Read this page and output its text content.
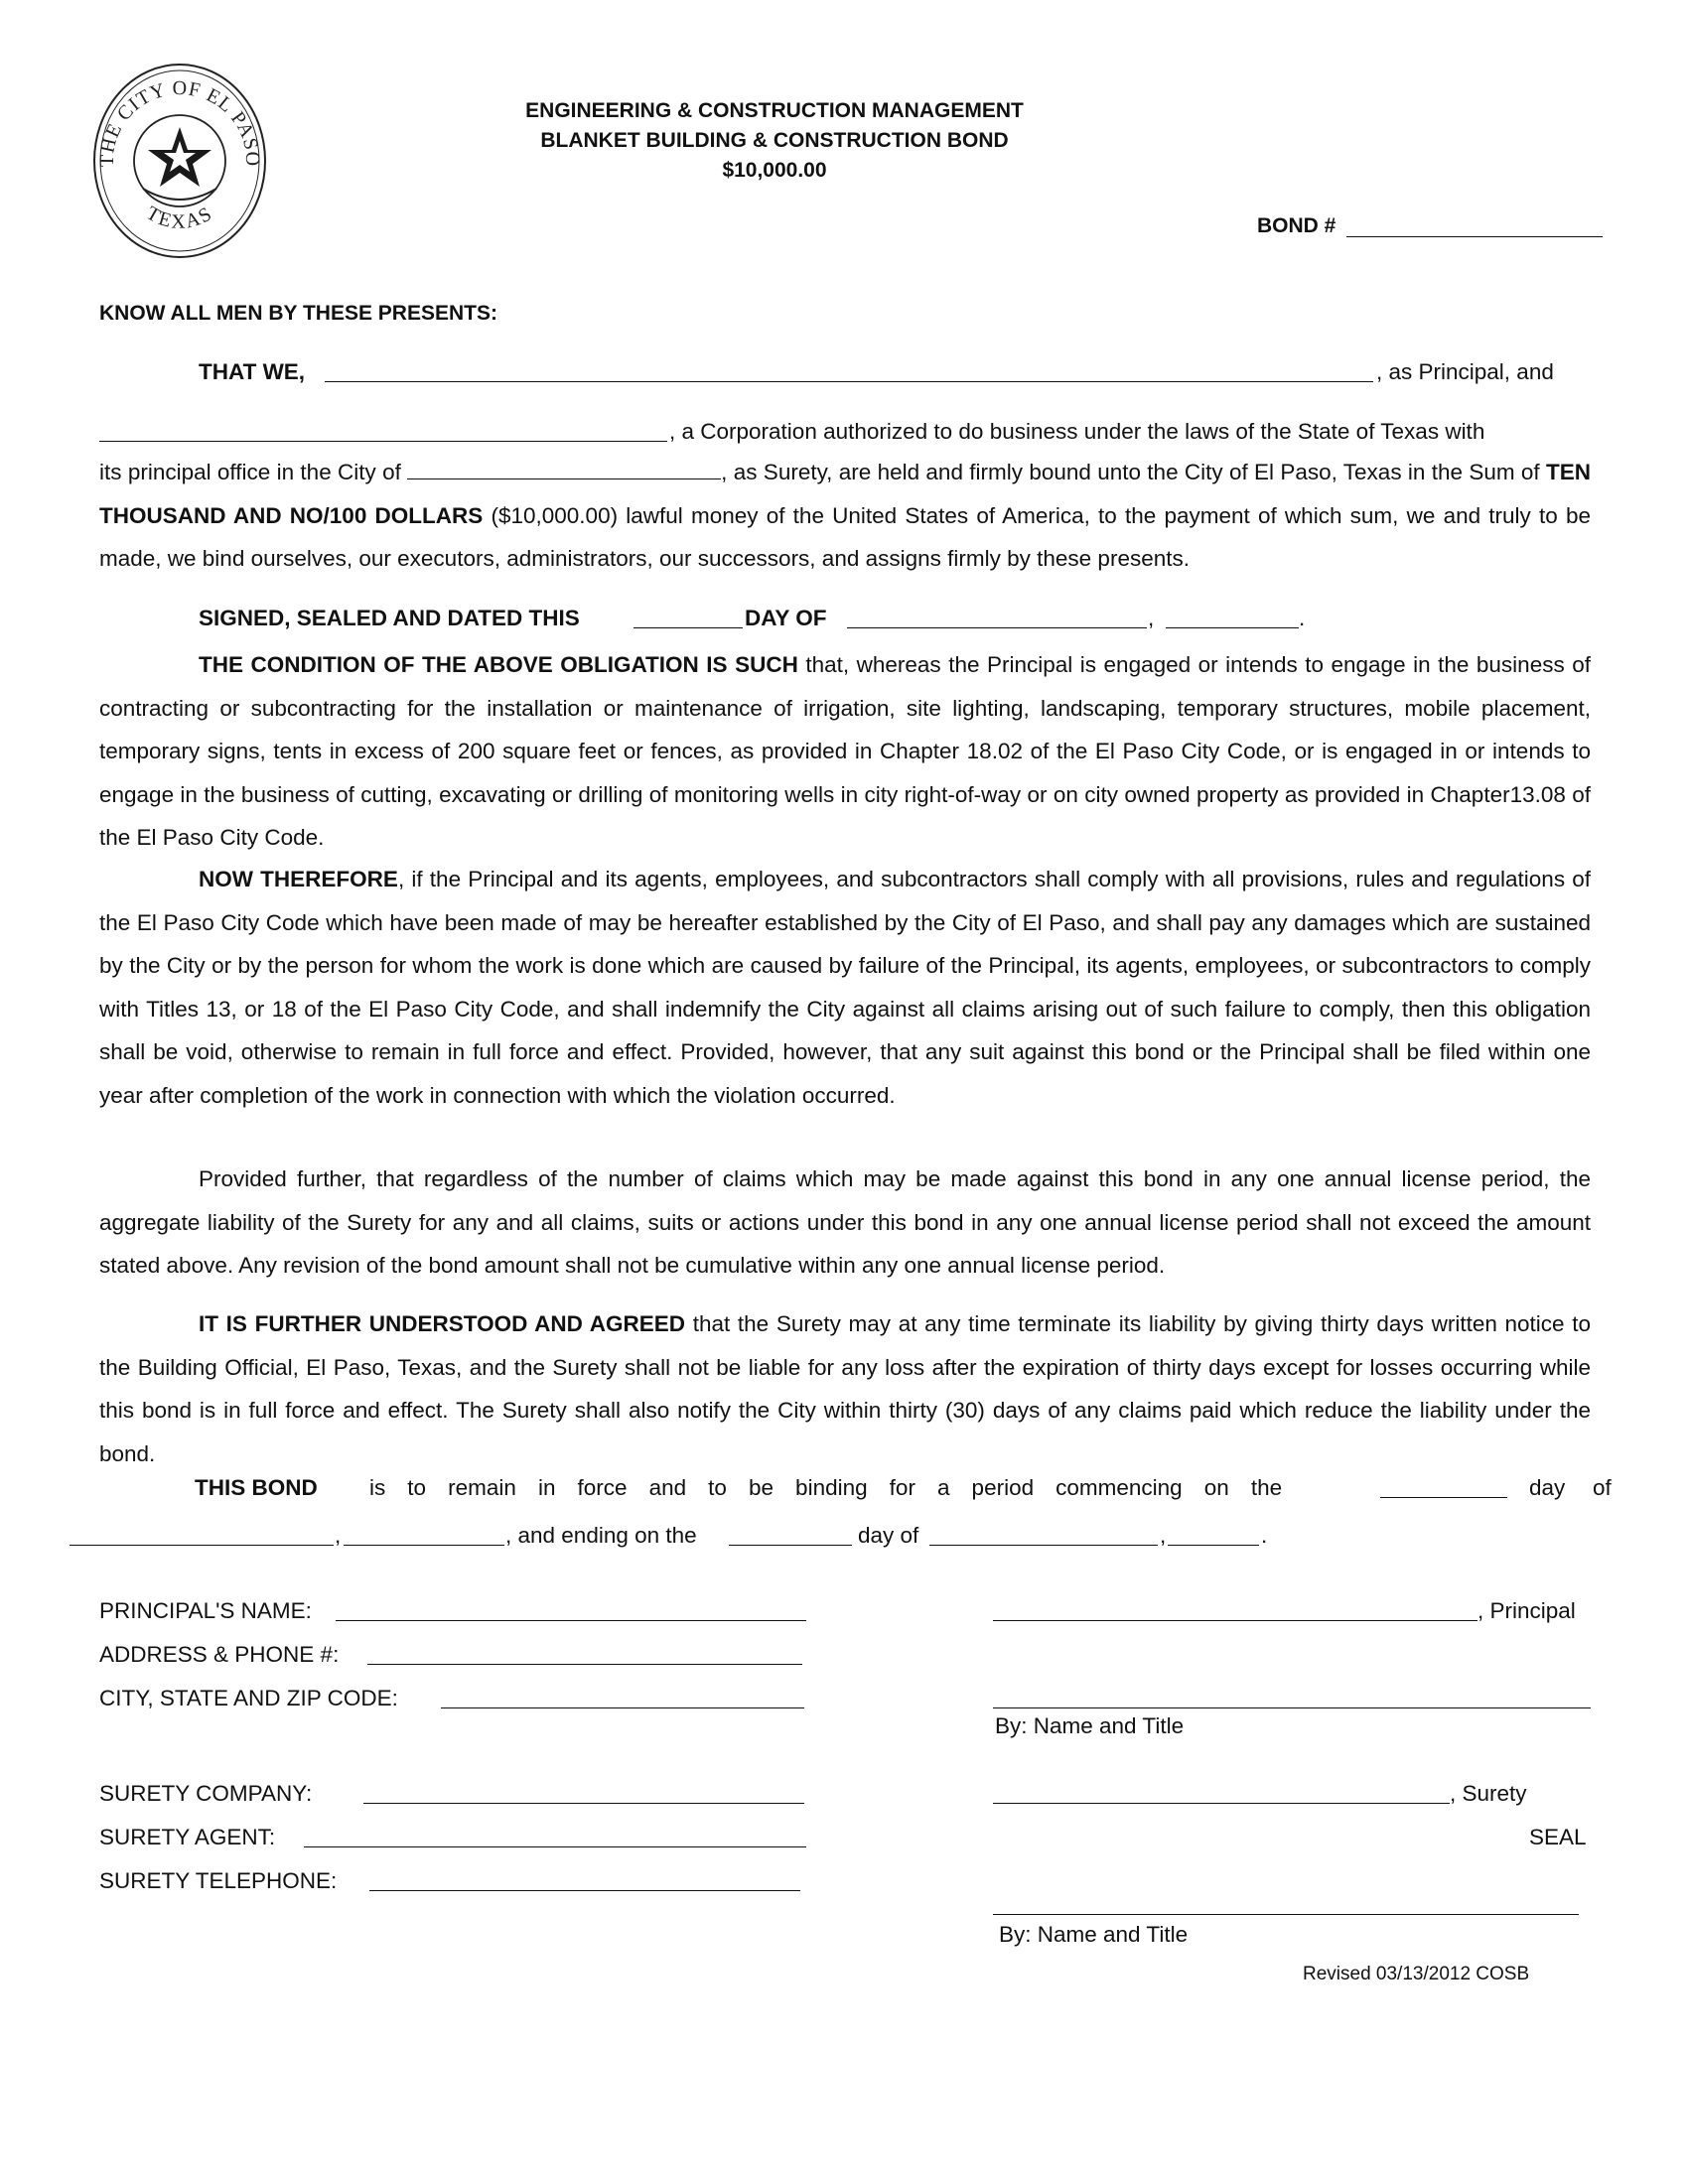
THE CITY OF EL PASO
TEXAS
ENGINEERING & CONSTRUCTION MANAGEMENT
BLANKET BUILDING & CONSTRUCTION BOND
$10,000.00
BOND #
KNOW ALL MEN BY THESE PRESENTS:
THAT WE,	, as Principal, and
, a Corporation authorized to do business under the laws of the State of Texas with
its principal office in the City of	, as Surety, are held and firmly bound unto the City of El Paso, Texas in the Sum of TEN THOUSAND AND NO/100 DOLLARS ($10,000.00) lawful money of the United States of America, to the payment of which sum, we and truly to be made, we bind ourselves, our executors, administrators, our successors, and assigns firmly by these presents.
SIGNED, SEALED AND DATED THIS	DAY OF	,	.
THE CONDITION OF THE ABOVE OBLIGATION IS SUCH that, whereas the Principal is engaged or intends to engage in the business of contracting or subcontracting for the installation or maintenance of irrigation, site lighting, landscaping, temporary structures, mobile placement, temporary signs, tents in excess of 200 square feet or fences, as provided in Chapter 18.02 of the El Paso City Code, or is engaged in or intends to engage in the business of cutting, excavating or drilling of monitoring wells in city right-of-way or on city owned property as provided in Chapter13.08 of the El Paso City Code.
NOW THEREFORE, if the Principal and its agents, employees, and subcontractors shall comply with all provisions, rules and regulations of the El Paso City Code which have been made of may be hereafter established by the City of El Paso, and shall pay any damages which are sustained by the City or by the person for whom the work is done which are caused by failure of the Principal, its agents, employees, or subcontractors to comply with Titles 13, or 18 of the El Paso City Code, and shall indemnify the City against all claims arising out of such failure to comply, then this obligation shall be void, otherwise to remain in full force and effect. Provided, however, that any suit against this bond or the Principal shall be filed within one year after completion of the work in connection with which the violation occurred.
Provided further, that regardless of the number of claims which may be made against this bond in any one annual license period, the aggregate liability of the Surety for any and all claims, suits or actions under this bond in any one annual license period shall not exceed the amount stated above. Any revision of the bond amount shall not be cumulative within any one annual license period.
IT IS FURTHER UNDERSTOOD AND AGREED that the Surety may at any time terminate its liability by giving thirty days written notice to the Building Official, El Paso, Texas, and the Surety shall not be liable for any loss after the expiration of thirty days except for losses occurring while this bond is in full force and effect. The Surety shall also notify the City within thirty (30) days of any claims paid which reduce the liability under the bond.
THIS BOND is to remain in force and to be binding for a period commencing on the	day of
,	, and ending on the	day of	,	.
PRINCIPAL'S NAME:
ADDRESS & PHONE #:
CITY, STATE AND ZIP CODE:
, Principal
By: Name and Title
SURETY COMPANY:
SURETY AGENT:
SURETY TELEPHONE:
, Surety
SEAL
By: Name and Title
Revised 03/13/2012 COSB
